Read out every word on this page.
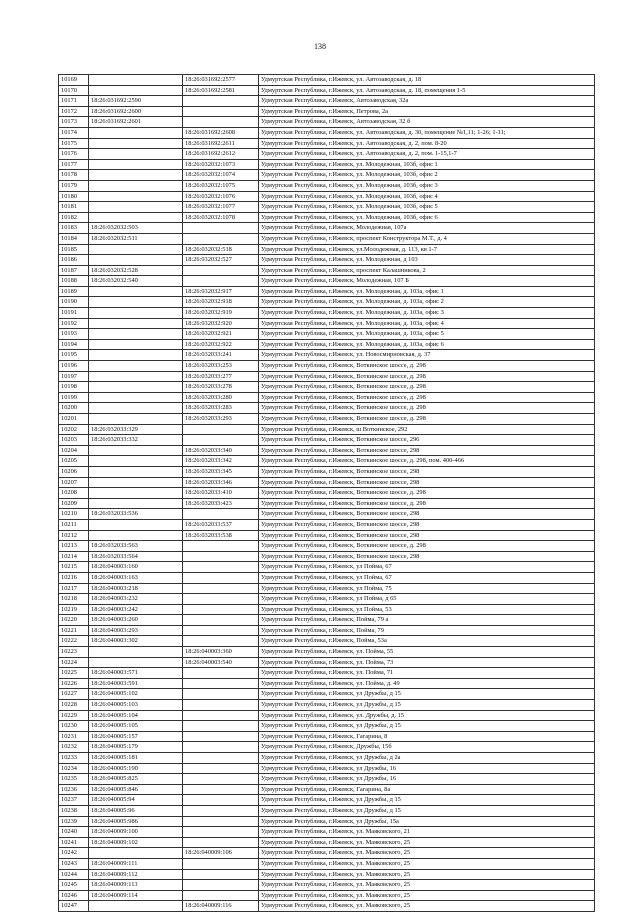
138
10169		18:26:031692:2577	Удмуртская Республика, г.Ижевск, ул. Автозаводская, д. 18
10170		18:26:031692:2581	Удмуртская Республика, г.Ижевск, ул. Автозаводская, д. 18, помещения 1-5
10171	18:26:031692:2590		Удмуртская Республика, г.Ижевск, Автозаводская, 32а
10172	18:26:031692:2600		Удмуртская Республика, г.Ижевск, Петрова, 2а
10173	18:26:031692:2601		Удмуртская Республика, г.Ижевск, Автозаводская, 32 б
10174		18:26:031692:2608	Удмуртская Республика, г.Ижевск, ул. Автозаводская, д. 30, помещение №1,11; 1-26; 1-11;
10175		18:26:031692:2611	Удмуртская Республика, г.Ижевск, ул. Автозаводская, д. 2, пом. 8-20
10176		18:26:031692:2612	Удмуртская Республика, г.Ижевск, ул. Автозаводская, д. 2, пом. 1-15,1-7
10177		18:26:032032:1073	Удмуртская Республика, г.Ижевск, ул. Молодежная, 103б, офис 1
10178		18:26:032032:1074	Удмуртская Республика, г.Ижевск, ул. Молодежная, 103б, офис 2
10179		18:26:032032:1075	Удмуртская Республика, г.Ижевск, ул. Молодежная, 103б, офис 3
10180		18:26:032032:1076	Удмуртская Республика, г.Ижевск, ул. Молодежная, 103б, офис 4
10181		18:26:032032:1077	Удмуртская Республика, г.Ижевск, ул. Молодежная, 103б, офис 5
10182		18:26:032032:1078	Удмуртская Республика, г.Ижевск, ул. Молодежная, 103б, офис 6
10183	18:26:032032:503		Удмуртская Республика, г.Ижевск, Молодежная, 107а
10184	18:26:032032:511		Удмуртская Республика, г.Ижевск, проспект Конструктора М.Т., д. 4
10185		18:26:032032:518	Удмуртская Республика, г.Ижевск, ул.Молодежная, д. 113, кв 1-7
10186		18:26:032032:527	Удмуртская Республика, г.Ижевск, ул. Молодежная, д 103
10187	18:26:032032:528		Удмуртская Республика, г.Ижевск, проспект Калашникова, 2
10188	18:26:032032:540		Удмуртская Республика, г.Ижевск, Молодежная, 107 Б
10189		18:26:032032:917	Удмуртская Республика, г.Ижевск, ул. Молодежная, д. 103а, офис 1
10190		18:26:032032:918	Удмуртская Республика, г.Ижевск, ул. Молодежная, д. 103а, офис 2
10191		18:26:032032:919	Удмуртская Республика, г.Ижевск, ул. Молодежная, д. 103а, офис 3
10192		18:26:032032:920	Удмуртская Республика, г.Ижевск, ул. Молодежная, д. 103а, офис 4
10193		18:26:032032:921	Удмуртская Республика, г.Ижевск, ул. Молодежная, д. 103а, офис 5
10194		18:26:032032:922	Удмуртская Республика, г.Ижевск, ул. Молодежная, д. 103а, офис 6
10195		18:26:032033:241	Удмуртская Республика, г.Ижевск, ул. Новосмирновская, д. 37
10196		18:26:032033:253	Удмуртская Республика, г.Ижевск, Воткинское шоссе, д. 298
10197		18:26:032033:277	Удмуртская Республика, г.Ижевск, Воткинское шоссе, д. 298
10198		18:26:032033:278	Удмуртская Республика, г.Ижевск, Воткинское шоссе, д. 298
10199		18:26:032033:280	Удмуртская Республика, г.Ижевск, Воткинское шоссе, д. 298
10200		18:26:032033:283	Удмуртская Республика, г.Ижевск, Воткинское шоссе, д. 298
10201		18:26:032033:293	Удмуртская Республика, г.Ижевск, Воткинское шоссе, д. 298
10202	18:26:032033:329		Удмуртская Республика, г.Ижевск, ш Воткинское, 292
10203	18:26:032033:332		Удмуртская Республика, г.Ижевск, Воткинское шоссе, 296
10204		18:26:032033:340	Удмуртская Республика, г.Ижевск, Воткинское шоссе, 298
10205		18:26:032033:342	Удмуртская Республика, г.Ижевск, Воткинское шоссе, д. 298, пом. 400-466
10206		18:26:032033:345	Удмуртская Республика, г.Ижевск, Воткинское шоссе, 298
10207		18:26:032033:346	Удмуртская Республика, г.Ижевск, Воткинское шоссе, 298
10208		18:26:032033:410	Удмуртская Республика, г.Ижевск, Воткинское шоссе, д. 298
10209		18:26:032033:423	Удмуртская Республика, г.Ижевск, Воткинское шоссе, д. 298
10210	18:26:032033:536		Удмуртская Республика, г.Ижевск, Воткинское шоссе, 298
10211		18:26:032033:537	Удмуртская Республика, г.Ижевск, Воткинское шоссе, 298
10212		18:26:032033:538	Удмуртская Республика, г.Ижевск, Воткинское шоссе, 298
10213	18:26:032033:563		Удмуртская Республика, г.Ижевск, Воткинское шоссе, д. 298
10214	18:26:032033:564		Удмуртская Республика, г.Ижевск, Воткинское шоссе, 298
10215	18:26:040003:160		Удмуртская Республика, г.Ижевск, ул Пойма, 67
10216	18:26:040003:163		Удмуртская Республика, г.Ижевск, ул Пойма, 67
10217	18:26:040003:218		Удмуртская Республика, г.Ижевск, ул Пойма, 75
10218	18:26:040003:232		Удмуртская Республика, г.Ижевск, ул Пойма, д 65
10219	18:26:040003:242		Удмуртская Республика, г.Ижевск, ул Пойма, 53
10220	18:26:040003:260		Удмуртская Республика, г.Ижевск, Пойма, 79 а
10221	18:26:040003:293		Удмуртская Республика, г.Ижевск, Пойма, 79
10222	18:26:040003:302		Удмуртская Республика, г.Ижевск, Пойма, 53а
10223		18:26:040003:360	Удмуртская Республика, г.Ижевск, ул. Пойма, 55
10224		18:26:040003:540	Удмуртская Республика, г.Ижевск, ул. Пойма, 73
10225	18:26:040003:571		Удмуртская Республика, г.Ижевск, ул. Пойма, 71
10226	18:26:040003:591		Удмуртская Республика, г.Ижевск, ул. Пойма, д. 49
10227	18:26:040005:102		Удмуртская Республика, г.Ижевск, ул Дружбы, д 15
10228	18:26:040005:103		Удмуртская Республика, г.Ижевск, ул Дружбы, д 15
10229	18:26:040005:104		Удмуртская Республика, г.Ижевск, ул. Дружбы, д. 15
10230	18:26:040005:105		Удмуртская Республика, г.Ижевск, ул Дружбы, д 15
10231	18:26:040005:157		Удмуртская Республика, г.Ижевск, Гагарина, 8
10232	18:26:040005:179		Удмуртская Республика, г.Ижевск, Дружбы, 15б
10233	18:26:040005:181		Удмуртская Республика, г.Ижевск, ул Дружбы, д 2а
10234	18:26:040005:190		Удмуртская Республика, г.Ижевск, ул Дружбы, 16
10235	18:26:040005:825		Удмуртская Республика, г.Ижевск, ул Дружбы, 16
10236	18:26:040005:846		Удмуртская Республика, г.Ижевск, Гагарина, 8а
10237	18:26:040005:94		Удмуртская Республика, г.Ижевск, ул Дружбы, д 15
10238	18:26:040005:96		Удмуртская Республика, г.Ижевск, ул Дружбы, д 15
10239	18:26:040005:986		Удмуртская Республика, г.Ижевск, ул Дружбы, 15а
10240	18:26:040009:100		Удмуртская Республика, г.Ижевск, ул. Маяковского, 21
10241	18:26:040009:102		Удмуртская Республика, г.Ижевск, ул. Маяковского, 25
10242		18:26:040009:106	Удмуртская Республика, г.Ижевск, ул. Маяковского, 25
10243	18:26:040009:111		Удмуртская Республика, г.Ижевск, ул. Маяковского, 25
10244	18:26:040009:112		Удмуртская Республика, г.Ижевск, ул. Маяковского, 25
10245	18:26:040009:113		Удмуртская Республика, г.Ижевск, ул. Маяковского, 25
10246	18:26:040009:114		Удмуртская Республика, г.Ижевск, ул. Маяковского, 25
10247		18:26:040009:116	Удмуртская Республика, г.Ижевск, ул. Маяковского, 25
